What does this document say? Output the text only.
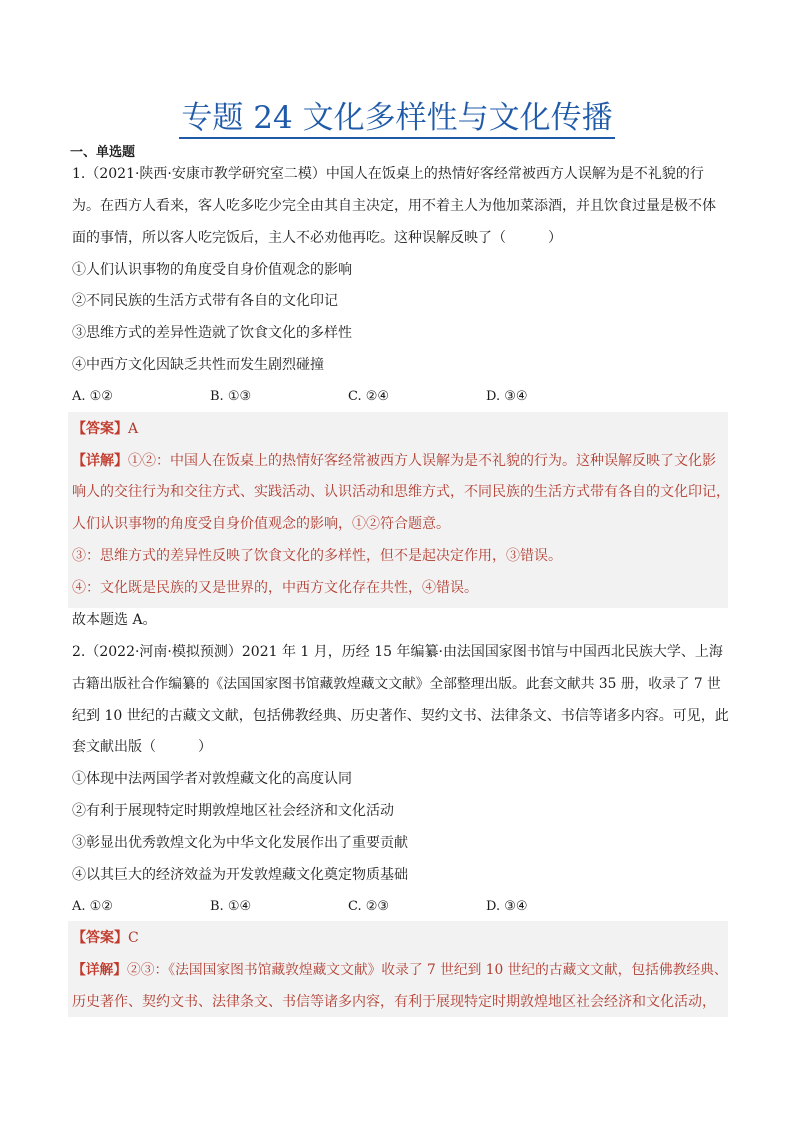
专题 24 文化多样性与文化传播
一、单选题
1.（2021·陕西·安康市教学研究室二模）中国人在饭桌上的热情好客经常被西方人误解为是不礼貌的行
为。在西方人看来，客人吃多吃少完全由其自主决定，用不着主人为他加菜添酒，并且饮食过量是极不体
面的事情，所以客人吃完饭后，主人不必劝他再吃。这种误解反映了（　　　）
①人们认识事物的角度受自身价值观念的影响
②不同民族的生活方式带有各自的文化印记
③思维方式的差异性造就了饮食文化的多样性
④中西方文化因缺乏共性而发生剧烈碰撞
A. ①②	B. ①③	C. ②④	D. ③④
【答案】A
【详解】①②：中国人在饭桌上的热情好客经常被西方人误解为是不礼貌的行为。这种误解反映了文化影
响人的交往行为和交往方式、实践活动、认识活动和思维方式，不同民族的生活方式带有各自的文化印记，
人们认识事物的角度受自身价值观念的影响，①②符合题意。
③：思维方式的差异性反映了饮食文化的多样性，但不是起决定作用，③错误。
④：文化既是民族的又是世界的，中西方文化存在共性，④错误。
故本题选 A。
2.（2022·河南·模拟预测）2021 年 1 月，历经 15 年编纂·由法国国家图书馆与中国西北民族大学、上海
古籍出版社合作编纂的《法国国家图书馆藏敦煌藏文文献》全部整理出版。此套文献共 35 册，收录了 7 世
纪到 10 世纪的古藏文文献，包括佛教经典、历史著作、契约文书、法律条文、书信等诸多内容。可见，此
套文献出版（　　　）
①体现中法两国学者对敦煌藏文化的高度认同
②有利于展现特定时期敦煌地区社会经济和文化活动
③彰显出优秀敦煌文化为中华文化发展作出了重要贡献
④以其巨大的经济效益为开发敦煌藏文化奠定物质基础
A. ①②	B. ①④	C. ②③	D. ③④
【答案】C
【详解】②③：《法国国家图书馆藏敦煌藏文文献》收录了 7 世纪到 10 世纪的古藏文文献，包括佛教经典、
历史著作、契约文书、法律条文、书信等诸多内容，有利于展现特定时期敦煌地区社会经济和文化活动，
